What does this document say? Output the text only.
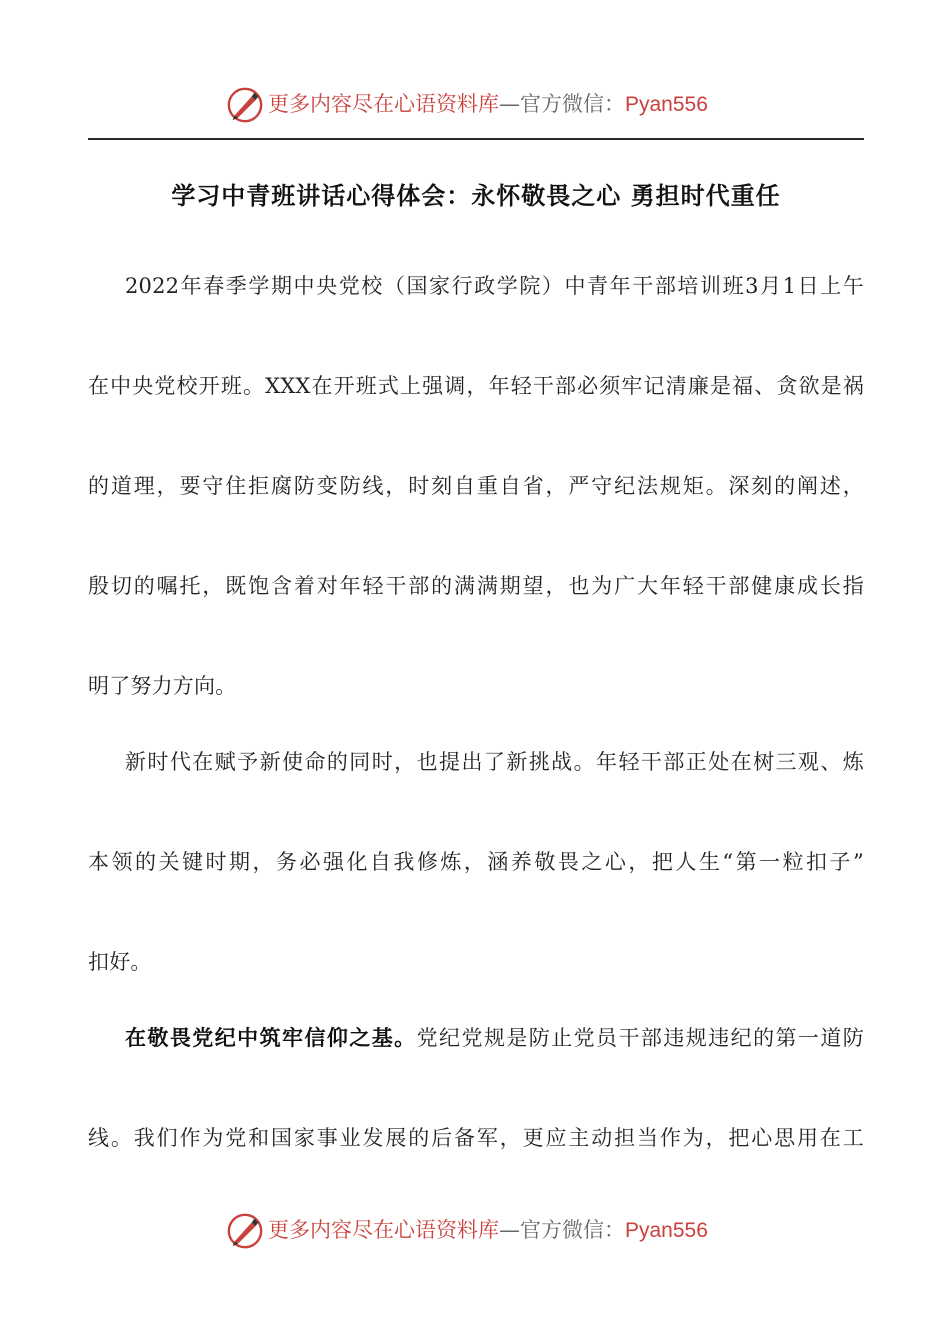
更多内容尽在心语资料库—官方微信：Pyan556
学习中青班讲话心得体会：永怀敬畏之心 勇担时代重任
2022年春季学期中央党校（国家行政学院）中青年干部培训班3月1日上午
在中央党校开班。XXX在开班式上强调，年轻干部必须牢记清廉是福、贪欲是祸
的道理，要守住拒腐防变防线，时刻自重自省，严守纪法规矩。深刻的阐述，
殷切的嘱托，既饱含着对年轻干部的满满期望，也为广大年轻干部健康成长指
明了努力方向。
新时代在赋予新使命的同时，也提出了新挑战。年轻干部正处在树三观、炼
本领的关键时期，务必强化自我修炼，涵养敬畏之心，把人生“第一粒扣子”
扣好。
在敬畏党纪中筑牢信仰之基。党纪党规是防止党员干部违规违纪的第一道防
线。我们作为党和国家事业发展的后备军，更应主动担当作为，把心思用在工
更多内容尽在心语资料库—官方微信：Pyan556
